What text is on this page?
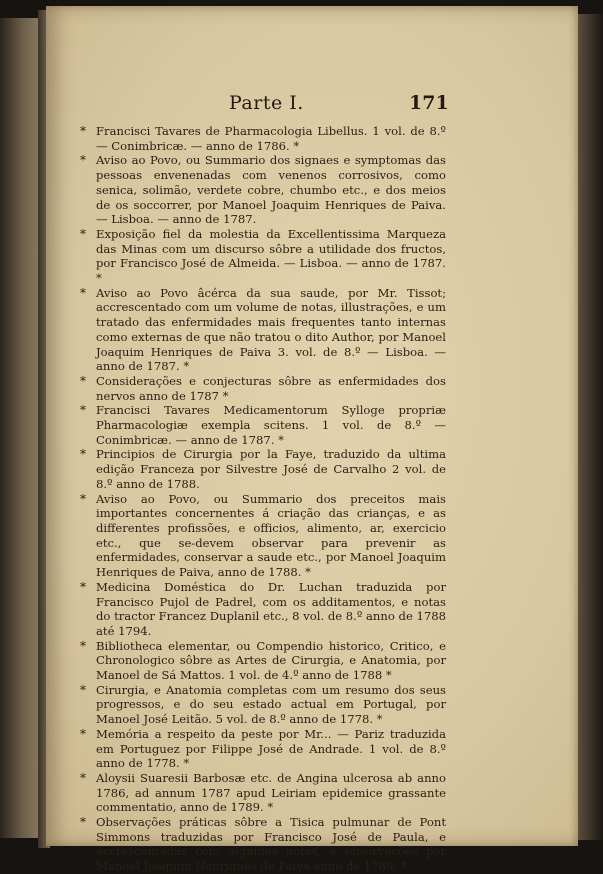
Parte I.	171
* Francisci Tavares de Pharmacologia Libellus. 1 vol. de 8.º — Conimbricæ. — anno de 1786. *
* Aviso ao Povo, ou Summario dos signaes e symptomas das pessoas envenenadas com venenos corrosivos, como senica, solimão, verdete cobre, chumbo etc., e dos meios de os soccorrer, por Manoel Joaquim Henriques de Paiva. — Lisboa. — anno de 1787.
* Exposição fiel da molestia da Excellentissima Marqueza das Minas com um discurso sôbre a utilidade dos fructos, por Francisco José de Almeida. — Lisboa. — anno de 1787. *
* Aviso ao Povo âcérca da sua saude, por Mr. Tissot; accrescentado com um volume de notas, illustrações, e um tratado das enfermidades mais frequentes tanto internas como externas de que não tratou o dito Author, por Manoel Joaquim Henriques de Paiva 3. vol. de 8.º — Lisboa. — anno de 1787. *
* Considerações e conjecturas sôbre as enfermidades dos nervos anno de 1787 *
* Francisci Tavares Medicamentorum Sylloge propriæ Pharmacologiæ exempla scitens. 1 vol. de 8.º — Conimbricæ. — anno de 1787. *
* Principios de Cirurgia por la Faye, traduzido da ultima edição Franceza por Silvestre José de Carvalho 2 vol. de 8.º anno de 1788.
* Aviso ao Povo, ou Summario dos preceitos mais importantes concernentes á criação das crianças, e as differentes profissões, e officios, alimento, ar, exercicio etc., que se-devem observar para prevenir as enfermidades, conservar a saude etc., por Manoel Joaquim Henriques de Paiva, anno de 1788. *
* Medicina Doméstica do Dr. Luchan traduzida por Francisco Pujol de Padrel, com os additamentos, e notas do tractor Francez Duplanil etc., 8 vol. de 8.º anno de 1788 até 1794.
* Bibliotheca elementar, ou Compendio historico, Critico, e Chronologico sôbre as Artes de Cirurgia, e Anatomia, por Manoel de Sá Mattos. 1 vol. de 4.º anno de 1788 *
* Cirurgia, e Anatomia completas com um resumo dos seus progressos, e do seu estado actual em Portugal, por Manoel José Leitão. 5 vol. de 8.º anno de 1778. *
* Memória a respeito da peste por Mr... — Pariz traduzida em Portuguez por Filippe José de Andrade. 1 vol. de 8.º anno de 1778. *
* Aloysii Suaresii Barbosæ etc. de Angina ulcerosa ab anno 1786, ad annum 1787 apud Leiriam epidemice grassante commentatio, anno de 1789. *
* Observações práticas sôbre a Tisica pulmunar de Pont Simmons traduzidas por Francisco José de Paula, e accrescentadas com algumas notas, e observações por Manoel Joaquim Henriques de Paiva anno de 1789. *
